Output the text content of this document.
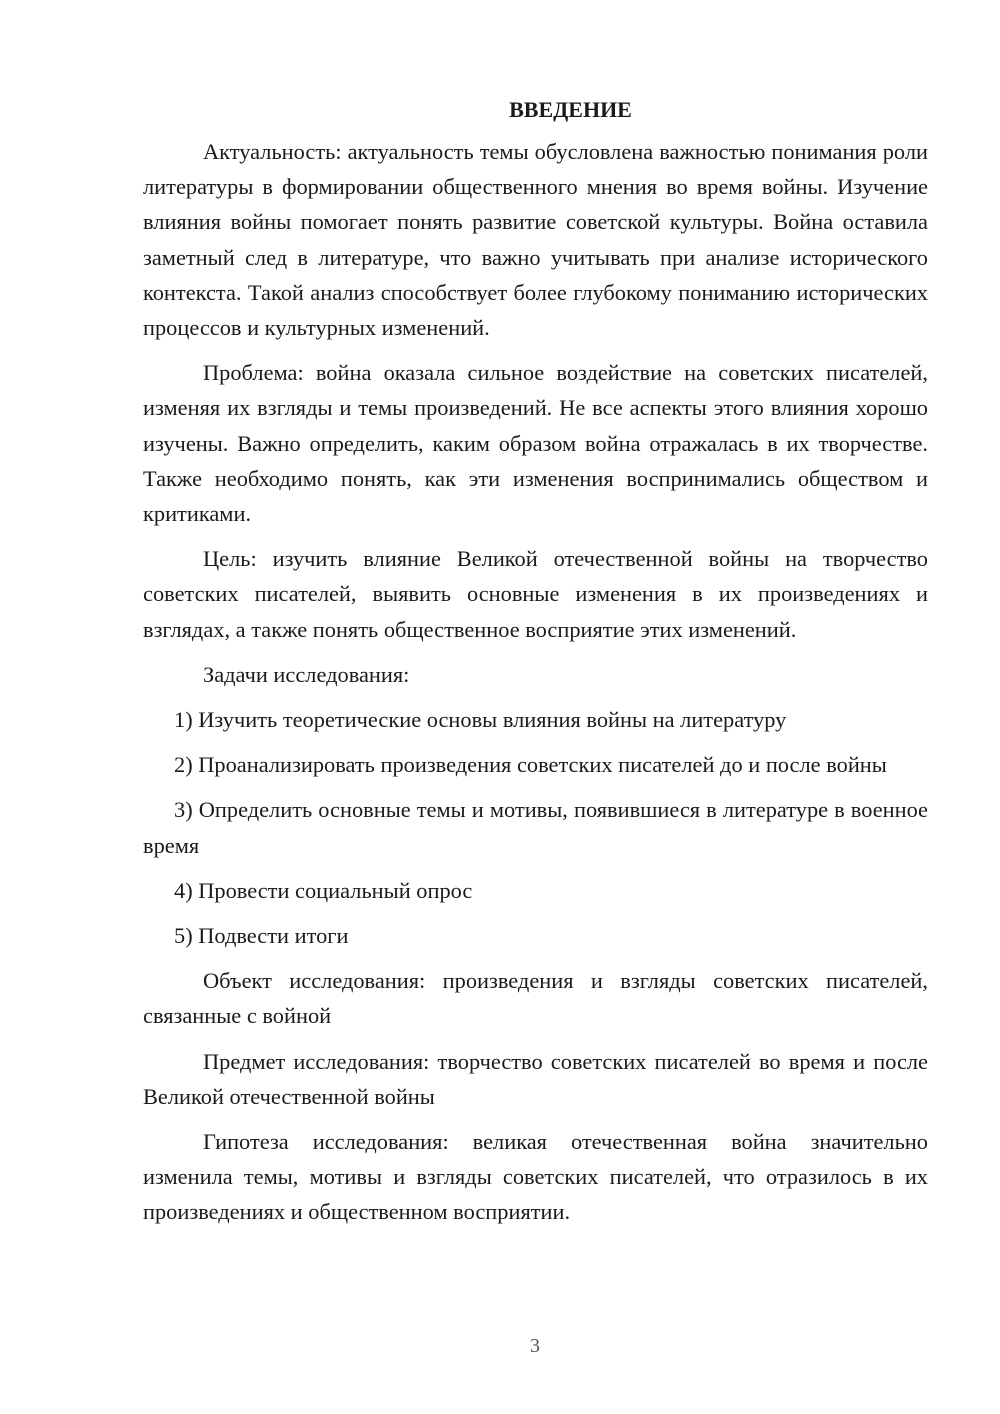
ВВЕДЕНИЕ

Актуальность: актуальность темы обусловлена важностью понимания роли литературы в формировании общественного мнения во время войны. Изучение влияния войны помогает понять развитие советской культуры. Война оставила заметный след в литературе, что важно учитывать при анализе исторического контекста. Такой анализ способствует более глубокому пониманию исторических процессов и культурных изменений.

Проблема: война оказала сильное воздействие на советских писателей, изменяя их взгляды и темы произведений. Не все аспекты этого влияния хорошо изучены. Важно определить, каким образом война отражалась в их творчестве. Также необходимо понять, как эти изменения воспринимались обществом и критиками.

Цель: изучить влияние Великой отечественной войны на творчество советских писателей, выявить основные изменения в их произведениях и взглядах, а также понять общественное восприятие этих изменений.

Задачи исследования:

1) Изучить теоретические основы влияния войны на литературу

2) Проанализировать произведения советских писателей до и после войны

3) Определить основные темы и мотивы, появившиеся в литературе в военное время

4) Провести социальный опрос

5) Подвести итоги

Объект исследования: произведения и взгляды советских писателей, связанные с войной

Предмет исследования: творчество советских писателей во время и после Великой отечественной войны

Гипотеза исследования: великая отечественная война значительно изменила темы, мотивы и взгляды советских писателей, что отразилось в их произведениях и общественном восприятии.

3
